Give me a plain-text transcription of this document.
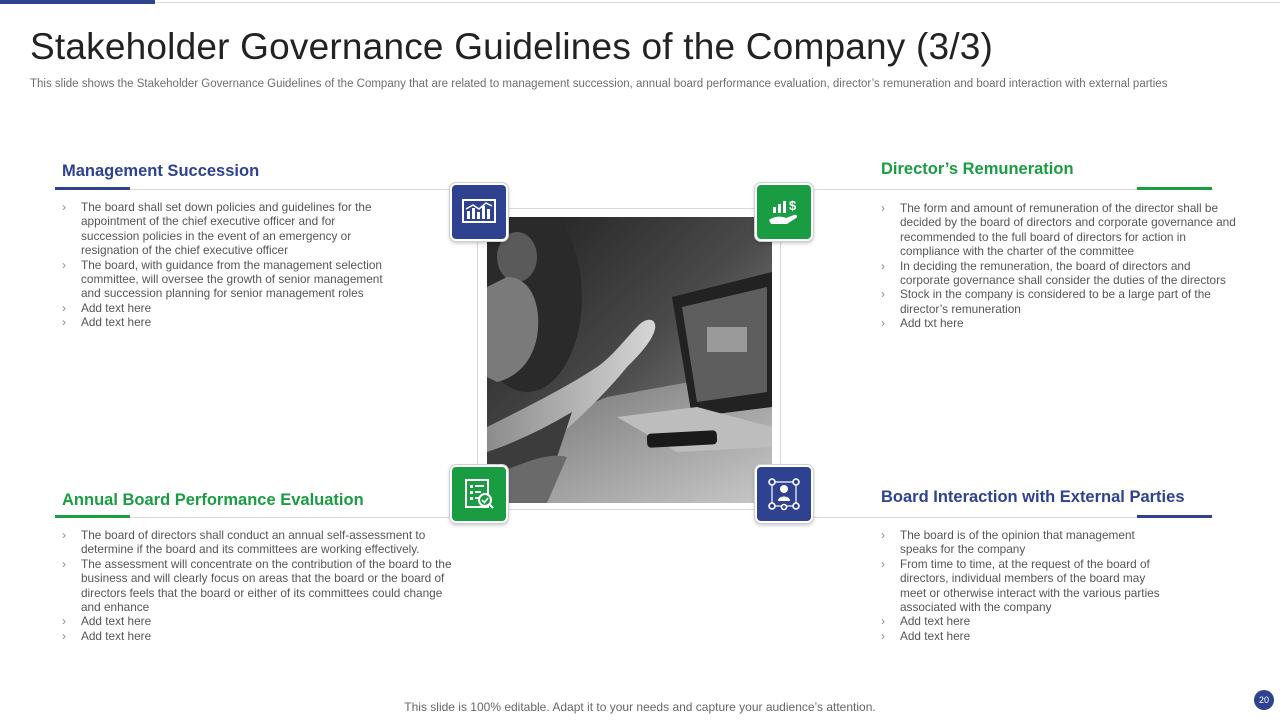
Stakeholder Governance Guidelines of the Company (3/3)
This slide shows the Stakeholder Governance Guidelines of the Company that are related to management succession, annual board performance evaluation, director’s remuneration and board interaction with external parties
Management Succession
› The board shall set down policies and guidelines for the appointment of the chief executive officer and for succession policies in the event of an emergency or resignation of the chief executive officer
› The board, with guidance from the management selection committee, will oversee the growth of senior management and succession planning for senior management roles
› Add text here
› Add text here
Director’s Remuneration
› The form and amount of remuneration of the director shall be decided by the board of directors and corporate governance and recommended to the full board of directors for action in compliance with the charter of the committee
› In deciding the remuneration, the board of directors and corporate governance shall consider the duties of the directors
› Stock in the company is considered to be a large part of the director’s remuneration
› Add txt here
Annual Board Performance Evaluation
› The board of directors shall conduct an annual self-assessment to determine if the board and its committees are working effectively.
› The assessment will concentrate on the contribution of the board to the business and will clearly focus on areas that the board or the board of directors feels that the board or either of its committees could change and enhance
› Add text here
› Add text here
Board Interaction with External Parties
› The board is of the opinion that management speaks for the company
› From time to time, at the request of the board of directors, individual members of the board may meet or otherwise interact with the various parties associated with the company
› Add text here
› Add text here
$
This slide is 100% editable. Adapt it to your needs and capture your audience’s attention.	20
